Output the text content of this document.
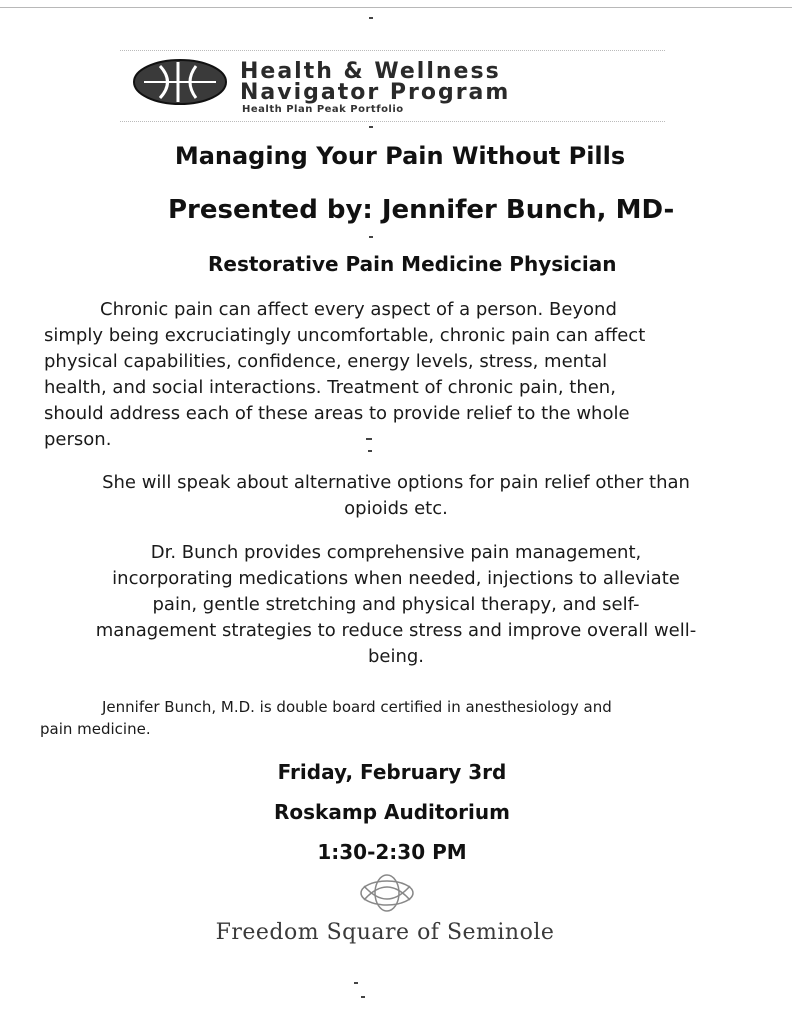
Health & Wellness
Navigator Program
Health Plan Peak Portfolio
Managing Your Pain Without Pills
Presented by: Jennifer Bunch, MD-
Restorative Pain Medicine Physician
Chronic pain can affect every aspect of a person. Beyond
simply being excruciatingly uncomfortable, chronic pain can affect
physical capabilities, confidence, energy levels, stress, mental
health, and social interactions. Treatment of chronic pain, then,
should address each of these areas to provide relief to the whole
person.
She will speak about alternative options for pain relief other than
opioids etc.
Dr. Bunch provides comprehensive pain management,
incorporating medications when needed, injections to alleviate
pain, gentle stretching and physical therapy, and self-
management strategies to reduce stress and improve overall well-
being.
Jennifer Bunch, M.D. is double board certified in anesthesiology and
pain medicine.
Friday, February 3rd
Roskamp Auditorium
1:30-2:30 PM
Freedom Square of Seminole
